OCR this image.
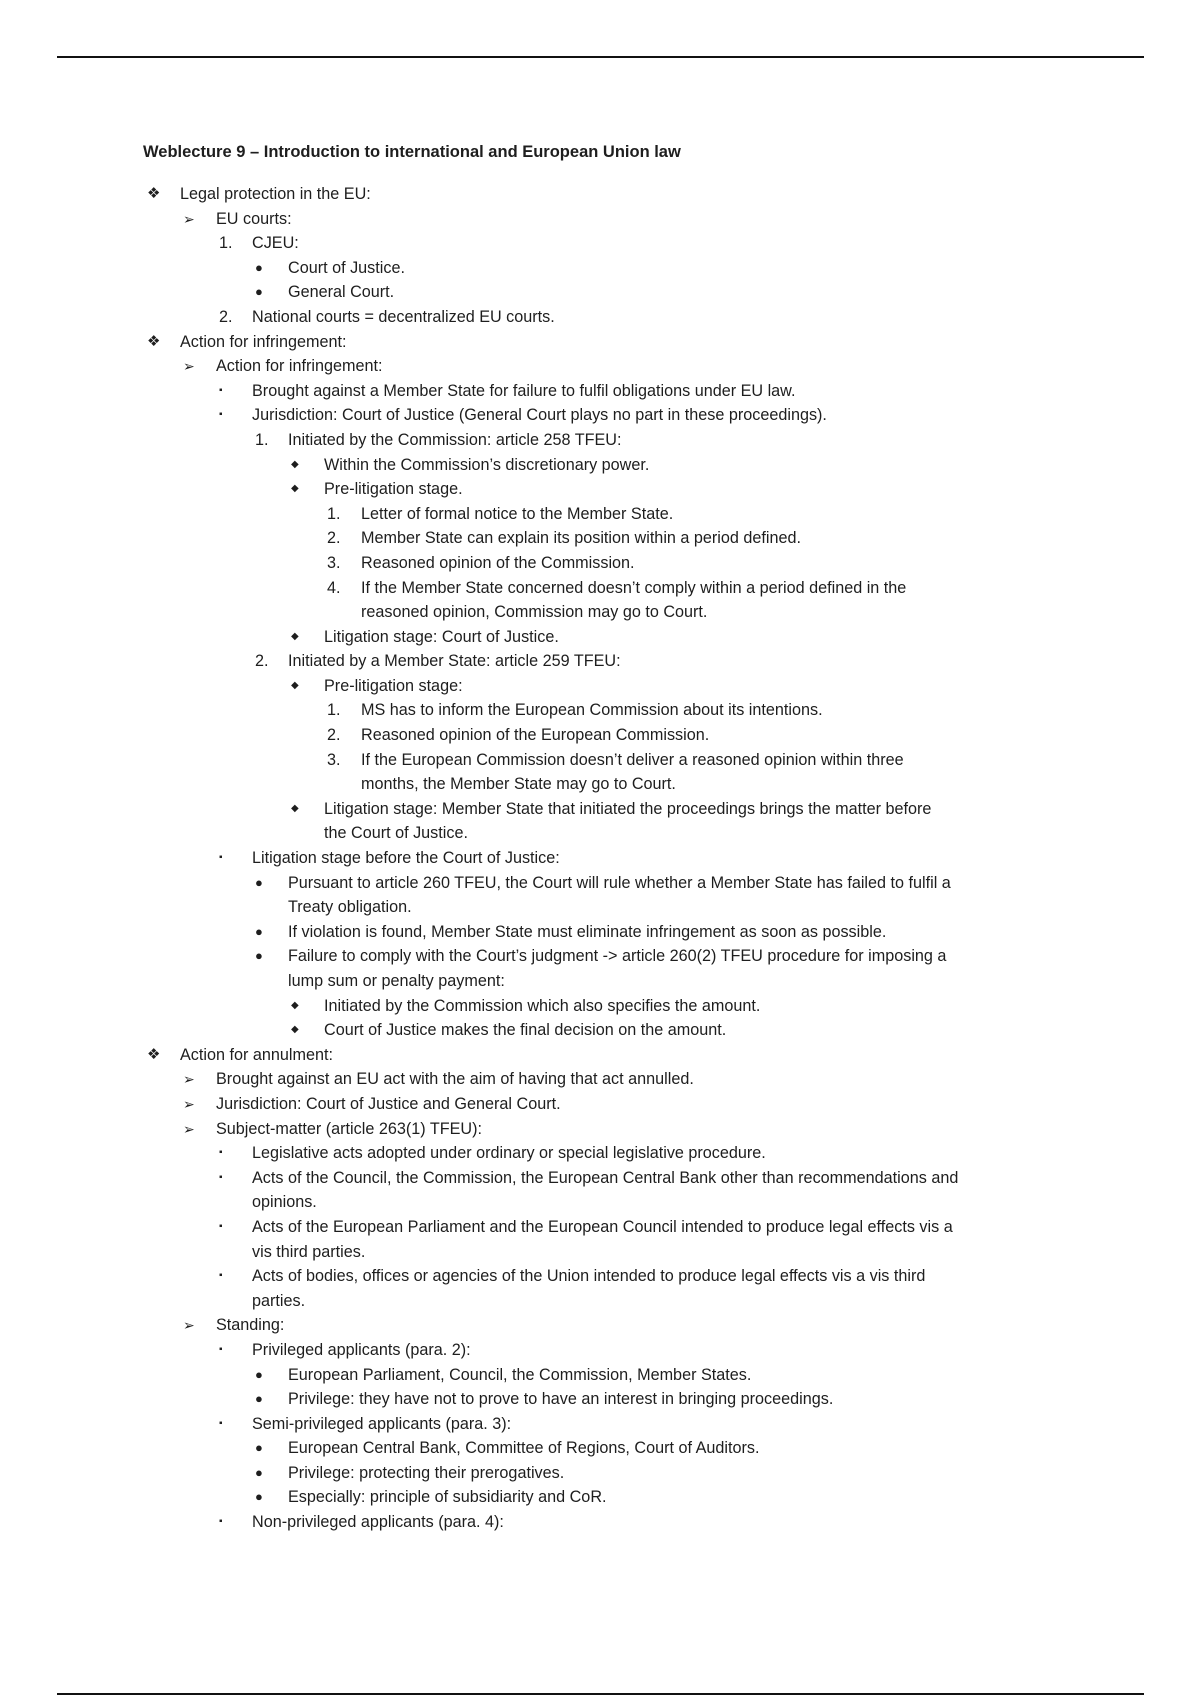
Weblecture 9 – Introduction to international and European Union law
❖ Legal protection in the EU:
➢ EU courts:
1. CJEU:
● Court of Justice.
● General Court.
2. National courts = decentralized EU courts.
❖ Action for infringement:
➢ Action for infringement:
▪ Brought against a Member State for failure to fulfil obligations under EU law.
▪ Jurisdiction: Court of Justice (General Court plays no part in these proceedings).
1. Initiated by the Commission: article 258 TFEU:
◆ Within the Commission’s discretionary power.
◆ Pre-litigation stage.
1. Letter of formal notice to the Member State.
2. Member State can explain its position within a period defined.
3. Reasoned opinion of the Commission.
4. If the Member State concerned doesn’t comply within a period defined in the
reasoned opinion, Commission may go to Court.
◆ Litigation stage: Court of Justice.
2. Initiated by a Member State: article 259 TFEU:
◆ Pre-litigation stage:
1. MS has to inform the European Commission about its intentions.
2. Reasoned opinion of the European Commission.
3. If the European Commission doesn’t deliver a reasoned opinion within three
months, the Member State may go to Court.
◆ Litigation stage: Member State that initiated the proceedings brings the matter before
the Court of Justice.
▪ Litigation stage before the Court of Justice:
● Pursuant to article 260 TFEU, the Court will rule whether a Member State has failed to fulfil a
Treaty obligation.
● If violation is found, Member State must eliminate infringement as soon as possible.
● Failure to comply with the Court’s judgment -> article 260(2) TFEU procedure for imposing a
lump sum or penalty payment:
◆ Initiated by the Commission which also specifies the amount.
◆ Court of Justice makes the final decision on the amount.
❖ Action for annulment:
➢ Brought against an EU act with the aim of having that act annulled.
➢ Jurisdiction: Court of Justice and General Court.
➢ Subject-matter (article 263(1) TFEU):
▪ Legislative acts adopted under ordinary or special legislative procedure.
▪ Acts of the Council, the Commission, the European Central Bank other than recommendations and
opinions.
▪ Acts of the European Parliament and the European Council intended to produce legal effects vis a
vis third parties.
▪ Acts of bodies, offices or agencies of the Union intended to produce legal effects vis a vis third
parties.
➢ Standing:
▪ Privileged applicants (para. 2):
● European Parliament, Council, the Commission, Member States.
● Privilege: they have not to prove to have an interest in bringing proceedings.
▪ Semi-privileged applicants (para. 3):
● European Central Bank, Committee of Regions, Court of Auditors.
● Privilege: protecting their prerogatives.
● Especially: principle of subsidiarity and CoR.
▪ Non-privileged applicants (para. 4):
